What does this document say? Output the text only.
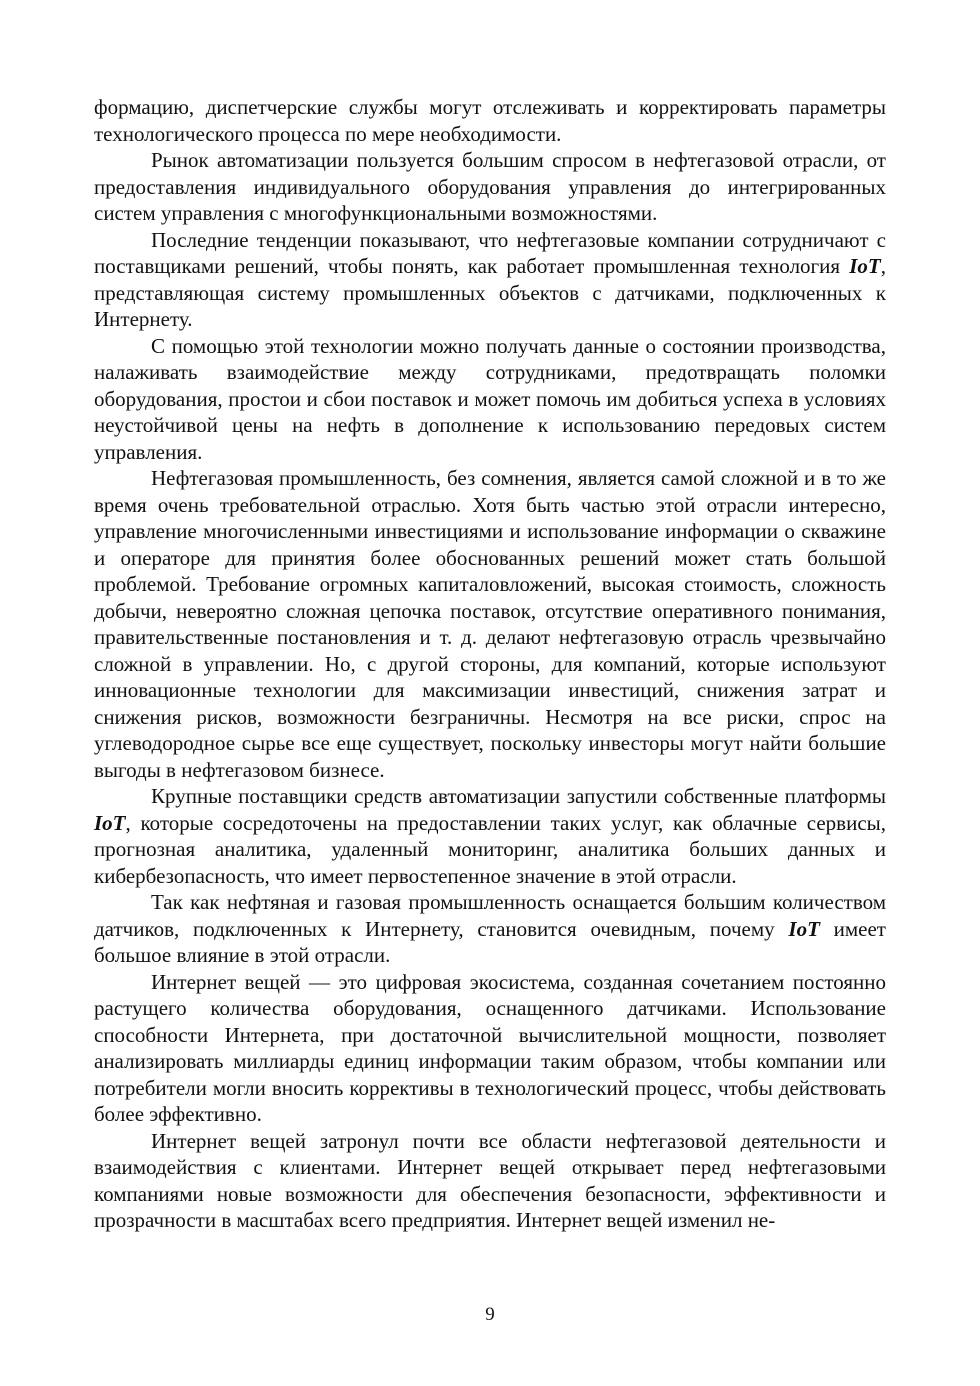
формацию, диспетчерские службы могут отслеживать и корректировать параметры технологического процесса по мере необходимости.

Рынок автоматизации пользуется большим спросом в нефтегазовой отрасли, от предоставления индивидуального оборудования управления до интегрированных систем управления с многофункциональными возможностями.

Последние тенденции показывают, что нефтегазовые компании сотрудничают с поставщиками решений, чтобы понять, как работает промышленная технология IoT, представляющая систему промышленных объектов с датчиками, подключенных к Интернету.

С помощью этой технологии можно получать данные о состоянии производства, налаживать взаимодействие между сотрудниками, предотвращать поломки оборудования, простои и сбои поставок и может помочь им добиться успеха в условиях неустойчивой цены на нефть в дополнение к использованию передовых систем управления.

Нефтегазовая промышленность, без сомнения, является самой сложной и в то же время очень требовательной отраслью. Хотя быть частью этой отрасли интересно, управление многочисленными инвестициями и использование информации о скважине и операторе для принятия более обоснованных решений может стать большой проблемой. Требование огромных капиталовложений, высокая стоимость, сложность добычи, невероятно сложная цепочка поставок, отсутствие оперативного понимания, правительственные постановления и т. д. делают нефтегазовую отрасль чрезвычайно сложной в управлении. Но, с другой стороны, для компаний, которые используют инновационные технологии для максимизации инвестиций, снижения затрат и снижения рисков, возможности безграничны. Несмотря на все риски, спрос на углеводородное сырье все еще существует, поскольку инвесторы могут найти большие выгоды в нефтегазовом бизнесе.

Крупные поставщики средств автоматизации запустили собственные платформы IoT, которые сосредоточены на предоставлении таких услуг, как облачные сервисы, прогнозная аналитика, удаленный мониторинг, аналитика больших данных и кибербезопасность, что имеет первостепенное значение в этой отрасли.

Так как нефтяная и газовая промышленность оснащается большим количеством датчиков, подключенных к Интернету, становится очевидным, почему IoT имеет большое влияние в этой отрасли.

Интернет вещей — это цифровая экосистема, созданная сочетанием постоянно растущего количества оборудования, оснащенного датчиками. Использование способности Интернета, при достаточной вычислительной мощности, позволяет анализировать миллиарды единиц информации таким образом, чтобы компании или потребители могли вносить коррективы в технологический процесс, чтобы действовать более эффективно.

Интернет вещей затронул почти все области нефтегазовой деятельности и взаимодействия с клиентами. Интернет вещей открывает перед нефтегазовыми компаниями новые возможности для обеспечения безопасности, эффективности и прозрачности в масштабах всего предприятия. Интернет вещей изменил не-

9
